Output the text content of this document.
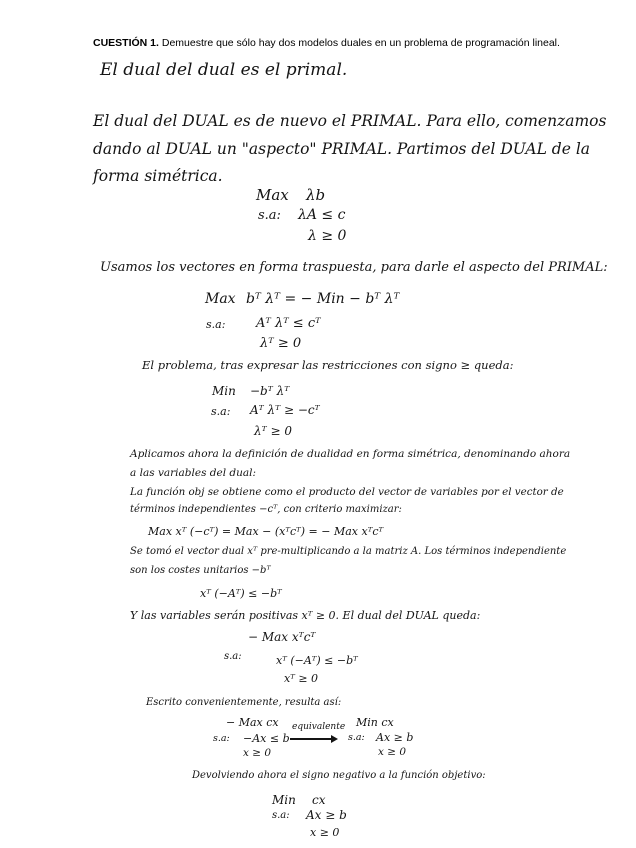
CUESTIÓN 1. Demuestre que sólo hay dos modelos duales en un problema de programación lineal.
El dual del dual es el primal.
El dual del DUAL es de nuevo el PRIMAL. Para ello, comenzamos
dando al DUAL un "aspecto" PRIMAL. Partimos del DUAL de la
forma simétrica.
Max λb
s.a: λA ≤ c
λ ≥ 0
Usamos los vectores en forma traspuesta, para darle el aspecto del PRIMAL:
Max bᵀ λᵀ = − Min − bᵀ λᵀ
s.a: Aᵀ λᵀ ≤ cᵀ
λᵀ ≥ 0
El problema, tras expresar las restricciones con signo ≥ queda:
Min −bᵀ λᵀ
s.a: Aᵀ λᵀ ≥ −cᵀ
λᵀ ≥ 0
Aplicamos ahora la definición de dualidad en forma simétrica, denominando ahora
a las variables del dual:
La función obj se obtiene como el producto del vector de variables por el vector de
términos independientes −cᵀ, con criterio maximizar:
Max xᵀ (−cᵀ) = Max − (xᵀcᵀ) = − Max xᵀcᵀ
Se tomó el vector dual xᵀ pre-multiplicando a la matriz A. Los términos independiente
son los costes unitarios −bᵀ
xᵀ (−Aᵀ) ≤ −bᵀ
Y las variables serán positivas xᵀ ≥ 0. El dual del DUAL queda:
− Max xᵀcᵀ
s.a:	xᵀ (−Aᵀ) ≤ −bᵀ
xᵀ ≥ 0
Escrito convenientemente, resulta así:
− Max cx
s.a: −Ax ≤ b
x ≥ 0
equivalente Min cx
s.a: Ax ≥ b
x ≥ 0
Devolviendo ahora el signo negativo a la función objetivo:
Min cx
s.a: Ax ≥ b
x ≥ 0
